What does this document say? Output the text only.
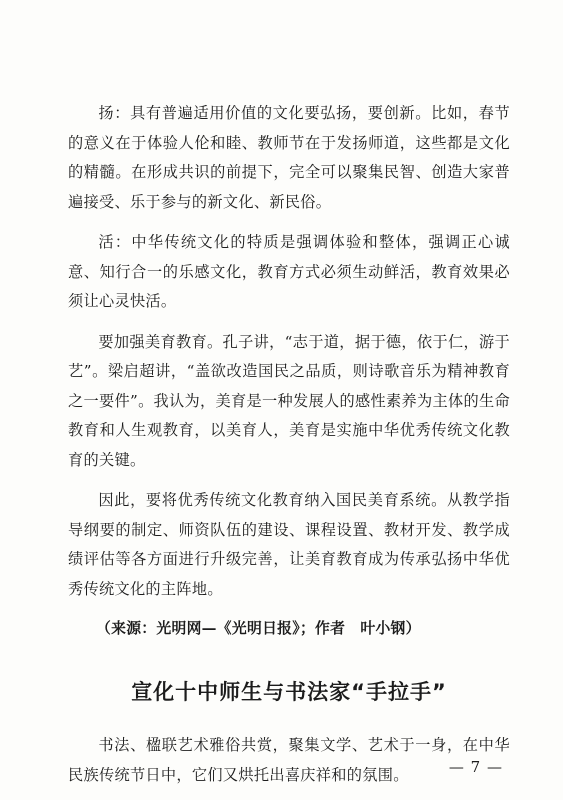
扬：具有普遍适用价值的文化要弘扬，要创新。比如，春节的意义在于体验人伦和睦、教师节在于发扬师道，这些都是文化的精髓。在形成共识的前提下，完全可以聚集民智、创造大家普遍接受、乐于参与的新文化、新民俗。

活：中华传统文化的特质是强调体验和整体，强调正心诚意、知行合一的乐感文化，教育方式必须生动鲜活，教育效果必须让心灵快活。

要加强美育教育。孔子讲，“志于道，据于德，依于仁，游于艺”。梁启超讲，“盖欲改造国民之品质，则诗歌音乐为精神教育之一要件”。我认为，美育是一种发展人的感性素养为主体的生命教育和人生观教育，以美育人，美育是实施中华优秀传统文化教育的关键。

因此，要将优秀传统文化教育纳入国民美育系统。从教学指导纲要的制定、师资队伍的建设、课程设置、教材开发、教学成绩评估等各方面进行升级完善，让美育教育成为传承弘扬中华优秀传统文化的主阵地。

（来源：光明网—《光明日报》；作者　叶小钢）

宣化十中师生与书法家“手拉手”

书法、楹联艺术雅俗共赏，聚集文学、艺术于一身，在中华民族传统节日中，它们又烘托出喜庆祥和的氛围。	— 7 —
